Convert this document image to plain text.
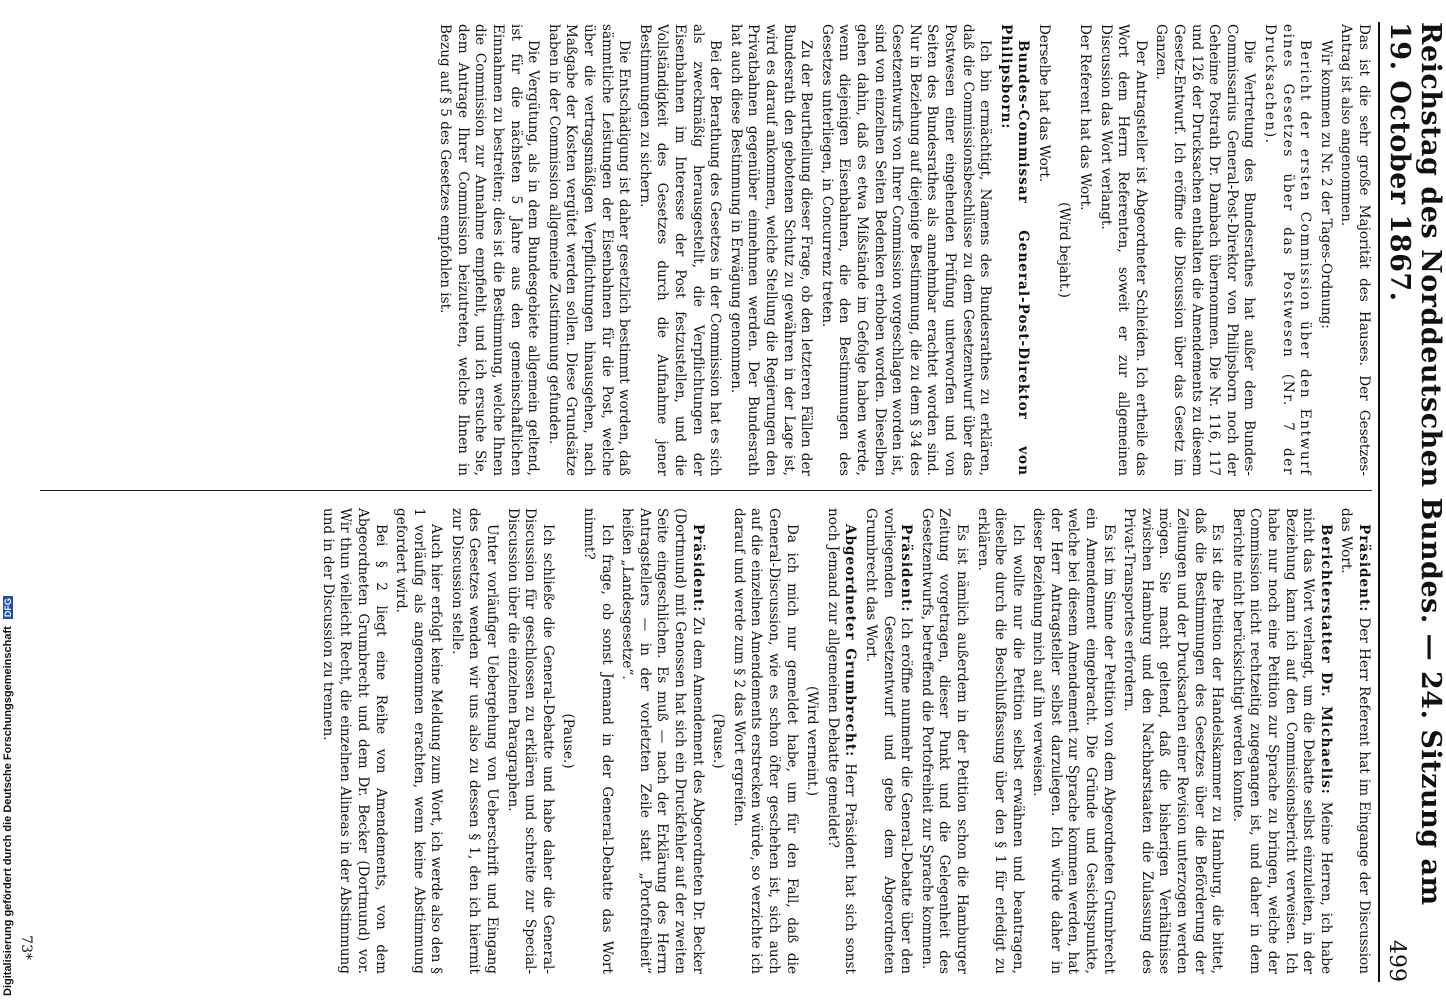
Reichstag des Norddeutschen Bundes. — 24. Sitzung am 19. October 1867.
499

Das ist die sehr große Majorität des Hauses. Der Gesetzes-Antrag ist also angenommen.

Wir kommen zu Nr. 2 der Tages-Ordnung:

Bericht der ersten Commission über den Entwurf eines Gesetzes über das Postwesen (Nr. 7 der Drucksachen).

Die Vertretung des Bundesrathes hat außer dem Bundes-Commissarius General-Post-Direktor von Philipsborn noch der Geheime Postrath Dr. Dambach übernommen. Die Nr. 116, 117 und 126 der Drucksachen enthalten die Amendements zu diesem Gesetz-Entwurf. Ich eröffne die Discussion über das Gesetz im Ganzen.

Der Antragsteller ist Abgeordneter Schleiden. Ich ertheile das Wort dem Herrn Referenten, soweit er zur allgemeinen Discussion das Wort verlangt.

Der Referent hat das Wort.

(Wird bejaht.)

Derselbe hat das Wort.

Bundes-Commissar General-Post-Direktor von Philipsborn:

Ich bin ermächtigt, Namens des Bundesrathes zu erklären, daß die Commissionsbeschlüsse zu dem Gesetzentwurf über das Postwesen einer eingehenden Prüfung unterworfen und von Seiten des Bundesrathes als annehmbar erachtet worden sind. Nur in Beziehung auf diejenige Bestimmung, die zu dem § 34 des Gesetzentwurfs von Ihrer Commission vorgeschlagen worden ist, sind von einzelnen Seiten Bedenken erhoben worden. Dieselben gehen dahin, daß es etwa Mißstände im Gefolge haben werde, wenn diejenigen Eisenbahnen, die den Bestimmungen des Gesetzes unterliegen, in Concurrenz treten.

Zu der Beurtheilung dieser Frage, ob den letzteren Fällen der Bundesrath den gebotenen Schutz zu gewähren in der Lage ist, wird es darauf ankommen, welche Stellung die Regierungen den Privatbahnen gegenüber einnehmen werden. Der Bundesrath hat auch diese Bestimmung in Erwägung genommen.

Bei der Berathung des Gesetzes in der Commission hat es sich als zweckmäßig herausgestellt, die Verpflichtungen der Eisenbahnen im Interesse der Post festzustellen, und die Vollständigkeit des Gesetzes durch die Aufnahme jener Bestimmungen zu sichern.

Die Entschädigung ist daher gesetzlich bestimmt worden, daß sämmtliche Leistungen der Eisenbahnen für die Post, welche über die vertragsmäßigen Verpflichtungen hinausgehen, nach Maßgabe der Kosten vergütet werden sollen. Diese Grundsätze haben in der Commission allgemeine Zustimmung gefunden.

Die Vergütung, als in dem Bundesgebiete allgemein geltend, ist für die nächsten 5 Jahre aus den gemeinschaftlichen Einnahmen zu bestreiten; dies ist die Bestimmung, welche Ihnen die Commission zur Annahme empfiehlt, und ich ersuche Sie, dem Antrage Ihrer Commission beizutreten, welche Ihnen in Bezug auf § 5 des Gesetzes empfohlen ist.

Präsident: Der Herr Referent hat im Eingange der Discussion das Wort.

Berichterstatter Dr. Michaelis: Meine Herren, ich habe nicht das Wort verlangt, um die Debatte selbst einzuleiten, in der Beziehung kann ich auf den Commissionsbericht verweisen. Ich habe nur noch eine Petition zur Sprache zu bringen, welche der Commission nicht rechtzeitig zugegangen ist, und daher in dem Berichte nicht berücksichtigt werden konnte.

Es ist die Petition der Handelskammer zu Hamburg, die bittet, daß die Bestimmungen des Gesetzes über die Beförderung der Zeitungen und der Drucksachen einer Revision unterzogen werden mögen. Sie macht geltend, daß die bisherigen Verhältnisse zwischen Hamburg und den Nachbarstaaten die Zulassung des Privat-Transportes erfordern.

Es ist im Sinne der Petition von dem Abgeordneten Grumbrecht ein Amendement eingebracht. Die Gründe und Gesichtspunkte, welche bei diesem Amendement zur Sprache kommen werden, hat der Herr Antragsteller selbst darzulegen. Ich würde daher in dieser Beziehung mich auf ihn verweisen.

Ich wollte nur die Petition selbst erwähnen und beantragen, dieselbe durch die Beschlußfassung über den § 1 für erledigt zu erklären.

Es ist nämlich außerdem in der Petition schon die Hamburger Zeitung vorgetragen, dieser Punkt und die Gelegenheit des Gesetzentwurfs, betreffend die Portofreiheit zur Sprache kommen.

Präsident: Ich eröffne nunmehr die General-Debatte über den vorliegenden Gesetzentwurf und gebe dem Abgeordneten Grumbrecht das Wort.

Abgeordneter Grumbrecht: Herr Präsident hat sich sonst noch Jemand zur allgemeinen Debatte gemeldet?

(Wird verneint.)

Da ich mich nur gemeldet habe, um für den Fall, daß die General-Discussion, wie es schon öfter geschehen ist, sich auch auf die einzelnen Amendements erstrecken würde, so verzichte ich darauf und werde zum § 2 das Wort ergreifen.

(Pause.)

Präsident: Zu dem Amendement des Abgeordneten Dr. Becker (Dortmund) mit Genossen hat sich ein Druckfehler auf der zweiten Seite eingeschlichen. Es muß — nach der Erklärung des Herrn Antragstellers — in der vorletzten Zeile statt „Portofreiheit“ heißen „Landesgesetze“.

Ich frage, ob sonst Jemand in der General-Debatte das Wort nimmt?

(Pause.)

Ich schließe die General-Debatte und habe daher die General-Discussion für geschlossen zu erklären und schreite zur Special-Discussion über die einzelnen Paragraphen.

Unter vorläufiger Uebergehung von Ueberschrift und Eingang des Gesetzes wenden wir uns also zu dessen § 1, den ich hiermit zur Discussion stelle.

Auch hier erfolgt keine Meldung zum Wort, ich werde also den § 1 vorläufig als angenommen erachten, wenn keine Abstimmung gefordert wird.

Bei § 2 liegt eine Reihe von Amendements, von dem Abgeordneten Grumbrecht und dem Dr. Becker (Dortmund) vor. Wir thun vielleicht Recht, die einzelnen Alineas in der Abstimmung und in der Discussion zu trennen.

73*
Digitalisierung gefördert durch die Deutsche Forschungsgemeinschaft DFG
